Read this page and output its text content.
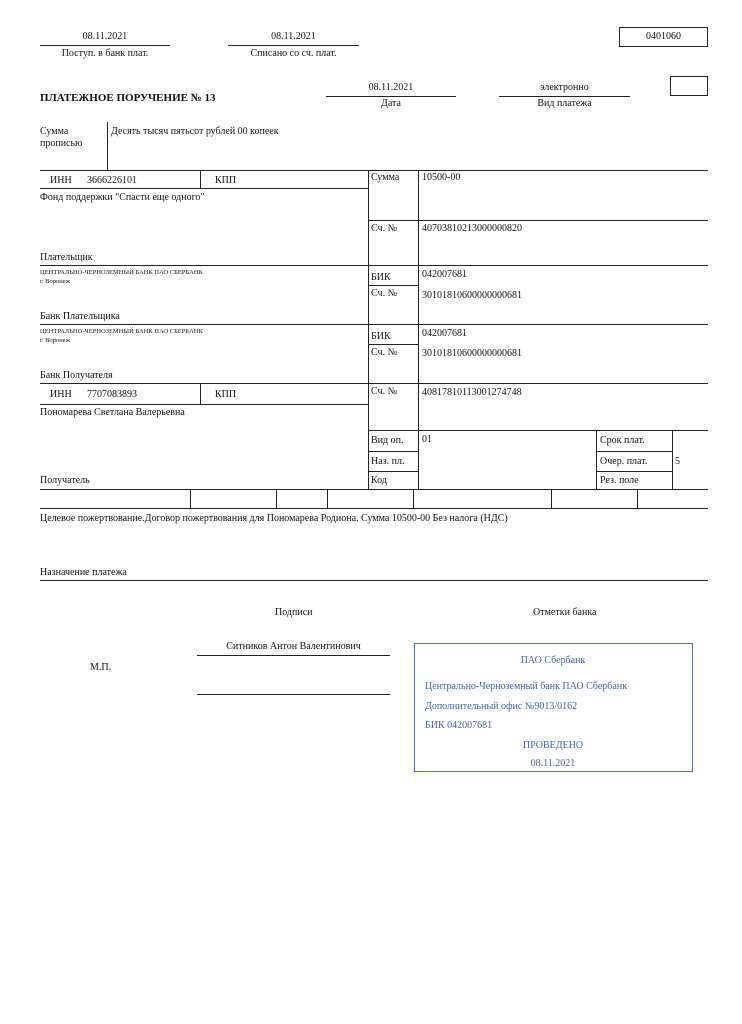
08.11.2021
Поступ. в банк плат.
08.11.2021
Списано со сч. плат.
0401060
ПЛАТЕЖНОЕ ПОРУЧЕНИЕ № 13
08.11.2021
Дата
электронно
Вид платежа
Сумма
прописью
Десять тысяч пятьсот рублей 00 копеек
ИНН 3666226101	КПП
Фонд поддержки "Спасти еще одного"
Сумма 10500-00
Сч. № 40703810213000000820
Плательщик
ЦЕНТРАЛЬНО-ЧЕРНОЗЕМНЫЙ БАНК ПАО СБЕРБАНК
г. Воронеж	БИК	042007681
Сч. № 30101810600000000681
Банк Плательщика
ЦЕНТРАЛЬНО-ЧЕРНОЗЕМНЫЙ БАНК ПАО СБЕРБАНК
г. Воронеж	БИК	042007681
Сч. № 30101810600000000681
Банк Получателя
ИНН 7707083893	КПП
Пономарева Светлана Валерьевна
Сч. № 40817810113001274748
Вид оп. 01
Наз. пл.
Код
Срок плат.
Очер. плат.	5
Рез. поле
Получатель
Целевое пожертвование.Договор пожертвования для Пономарева Родиона. Сумма 10500-00 Без налога (НДС)
Назначение платежа
Подписи	Отметки банка
Ситников Антон Валентинович
М.П.
ПАО Сбербанк
Центрально-Черноземный банк ПАО Сбербанк
Дополнительный офис №9013/0162
БИК 042007681
ПРОВЕДЕНО
08.11.2021
